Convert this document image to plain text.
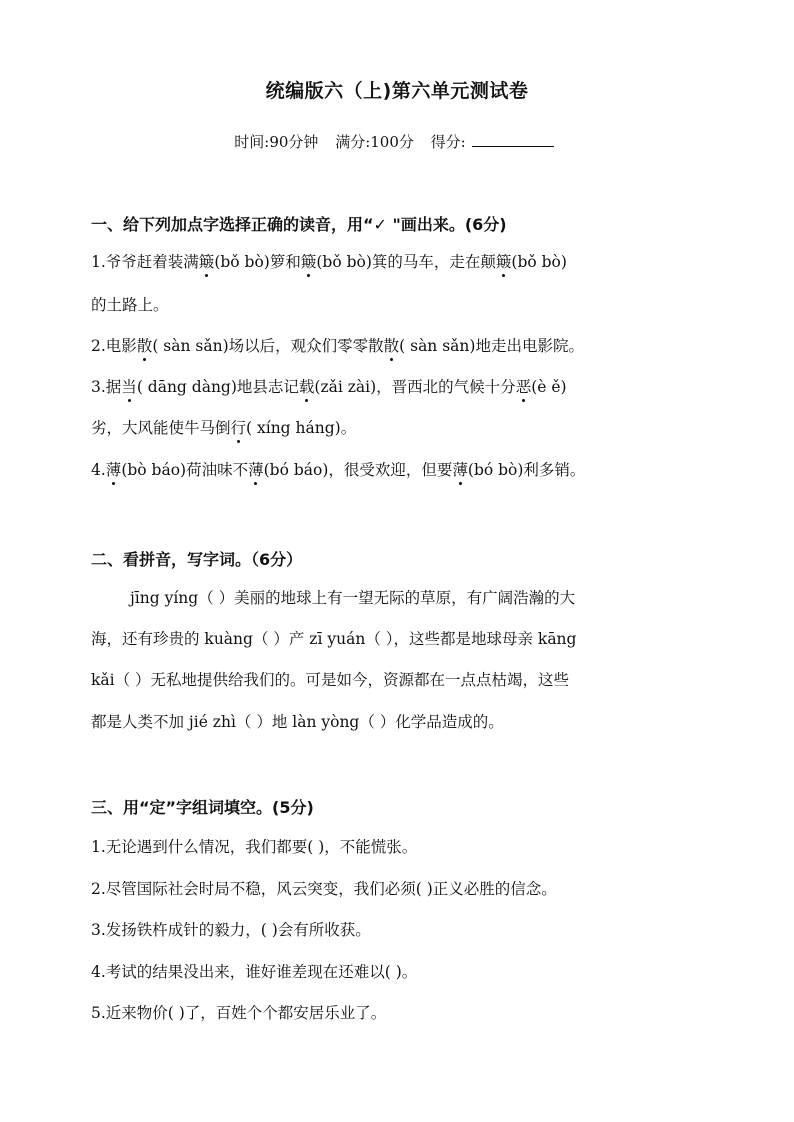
统编版六（上)第六单元测试卷
时间:90分钟 满分:100分 得分:
一、给下列加点字选择正确的读音，用“✓ "画出来。(6分)
1.爷爷赶着装满簸(bǒ bò)箩和簸(bǒ bò)箕的马车，走在颠簸(bǒ bò)
的土路上。
2.电影散( sàn sǎn)场以后，观众们零零散散( sàn sǎn)地走出电影院。
3.据当( dāng dàng)地县志记载(zǎi zài)，晋西北的气候十分恶(è ě)
劣，大风能使牛马倒行( xíng háng)。
4.薄(bò báo)荷油味不薄(bó báo)，很受欢迎，但要薄(bó bò)利多销。
二、看拼音，写字词。（6分）
jīng yíng（ ）美丽的地球上有一望无际的草原，有广阔浩瀚的大
海，还有珍贵的 kuàng（ ）产 zī yuán（ ），这些都是地球母亲 kāng
kǎi（ ）无私地提供给我们的。可是如今，资源都在一点点枯竭，这些
都是人类不加 jié zhì（ ）地 làn yòng（ ）化学品造成的。
三、用“定”字组词填空。(5分)
1.无论遇到什么情况，我们都要( )，不能慌张。
2.尽管国际社会时局不稳，风云突变，我们必须( )正义必胜的信念。
3.发扬铁杵成针的毅力，( )会有所收获。
4.考试的结果没出来，谁好谁差现在还难以( )。
5.近来物价( )了，百姓个个都安居乐业了。
